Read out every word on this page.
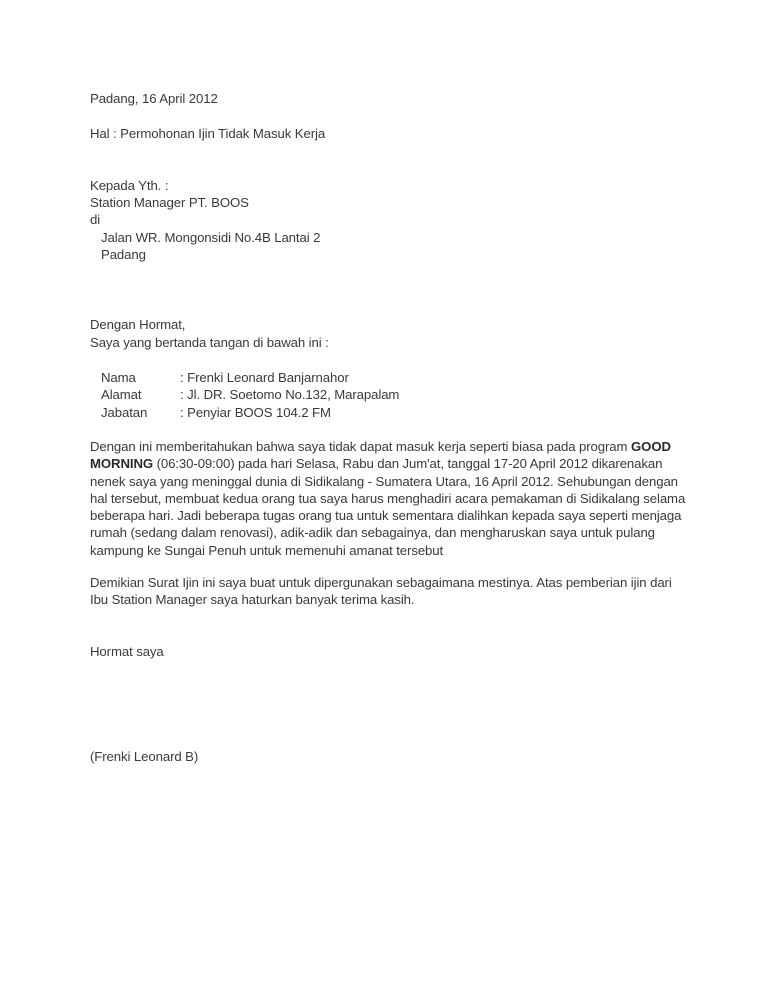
Padang, 16 April 2012
Hal : Permohonan Ijin Tidak Masuk Kerja
Kepada Yth. :
Station Manager PT. BOOS
di
Jalan WR. Mongonsidi No.4B Lantai 2
Padang
Dengan Hormat,
Saya yang bertanda tangan di bawah ini :
Nama	: Frenki Leonard Banjarnahor
Alamat	: Jl. DR. Soetomo No.132, Marapalam
Jabatan : Penyiar BOOS 104.2 FM
Dengan ini memberitahukan bahwa saya tidak dapat masuk kerja seperti biasa pada program GOOD MORNING (06:30-09:00) pada hari Selasa, Rabu dan Jum'at, tanggal 17-20 April 2012 dikarenakan nenek saya yang meninggal dunia di Sidikalang - Sumatera Utara, 16 April 2012. Sehubungan dengan hal tersebut, membuat kedua orang tua saya harus menghadiri acara pemakaman di Sidikalang selama beberapa hari. Jadi beberapa tugas orang tua untuk sementara dialihkan kepada saya seperti menjaga rumah (sedang dalam renovasi), adik-adik dan sebagainya, dan mengharuskan saya untuk pulang kampung ke Sungai Penuh untuk memenuhi amanat tersebut
Demikian Surat Ijin ini saya buat untuk dipergunakan sebagaimana mestinya. Atas pemberian ijin dari Ibu Station Manager saya haturkan banyak terima kasih.
Hormat saya
(Frenki Leonard B)
